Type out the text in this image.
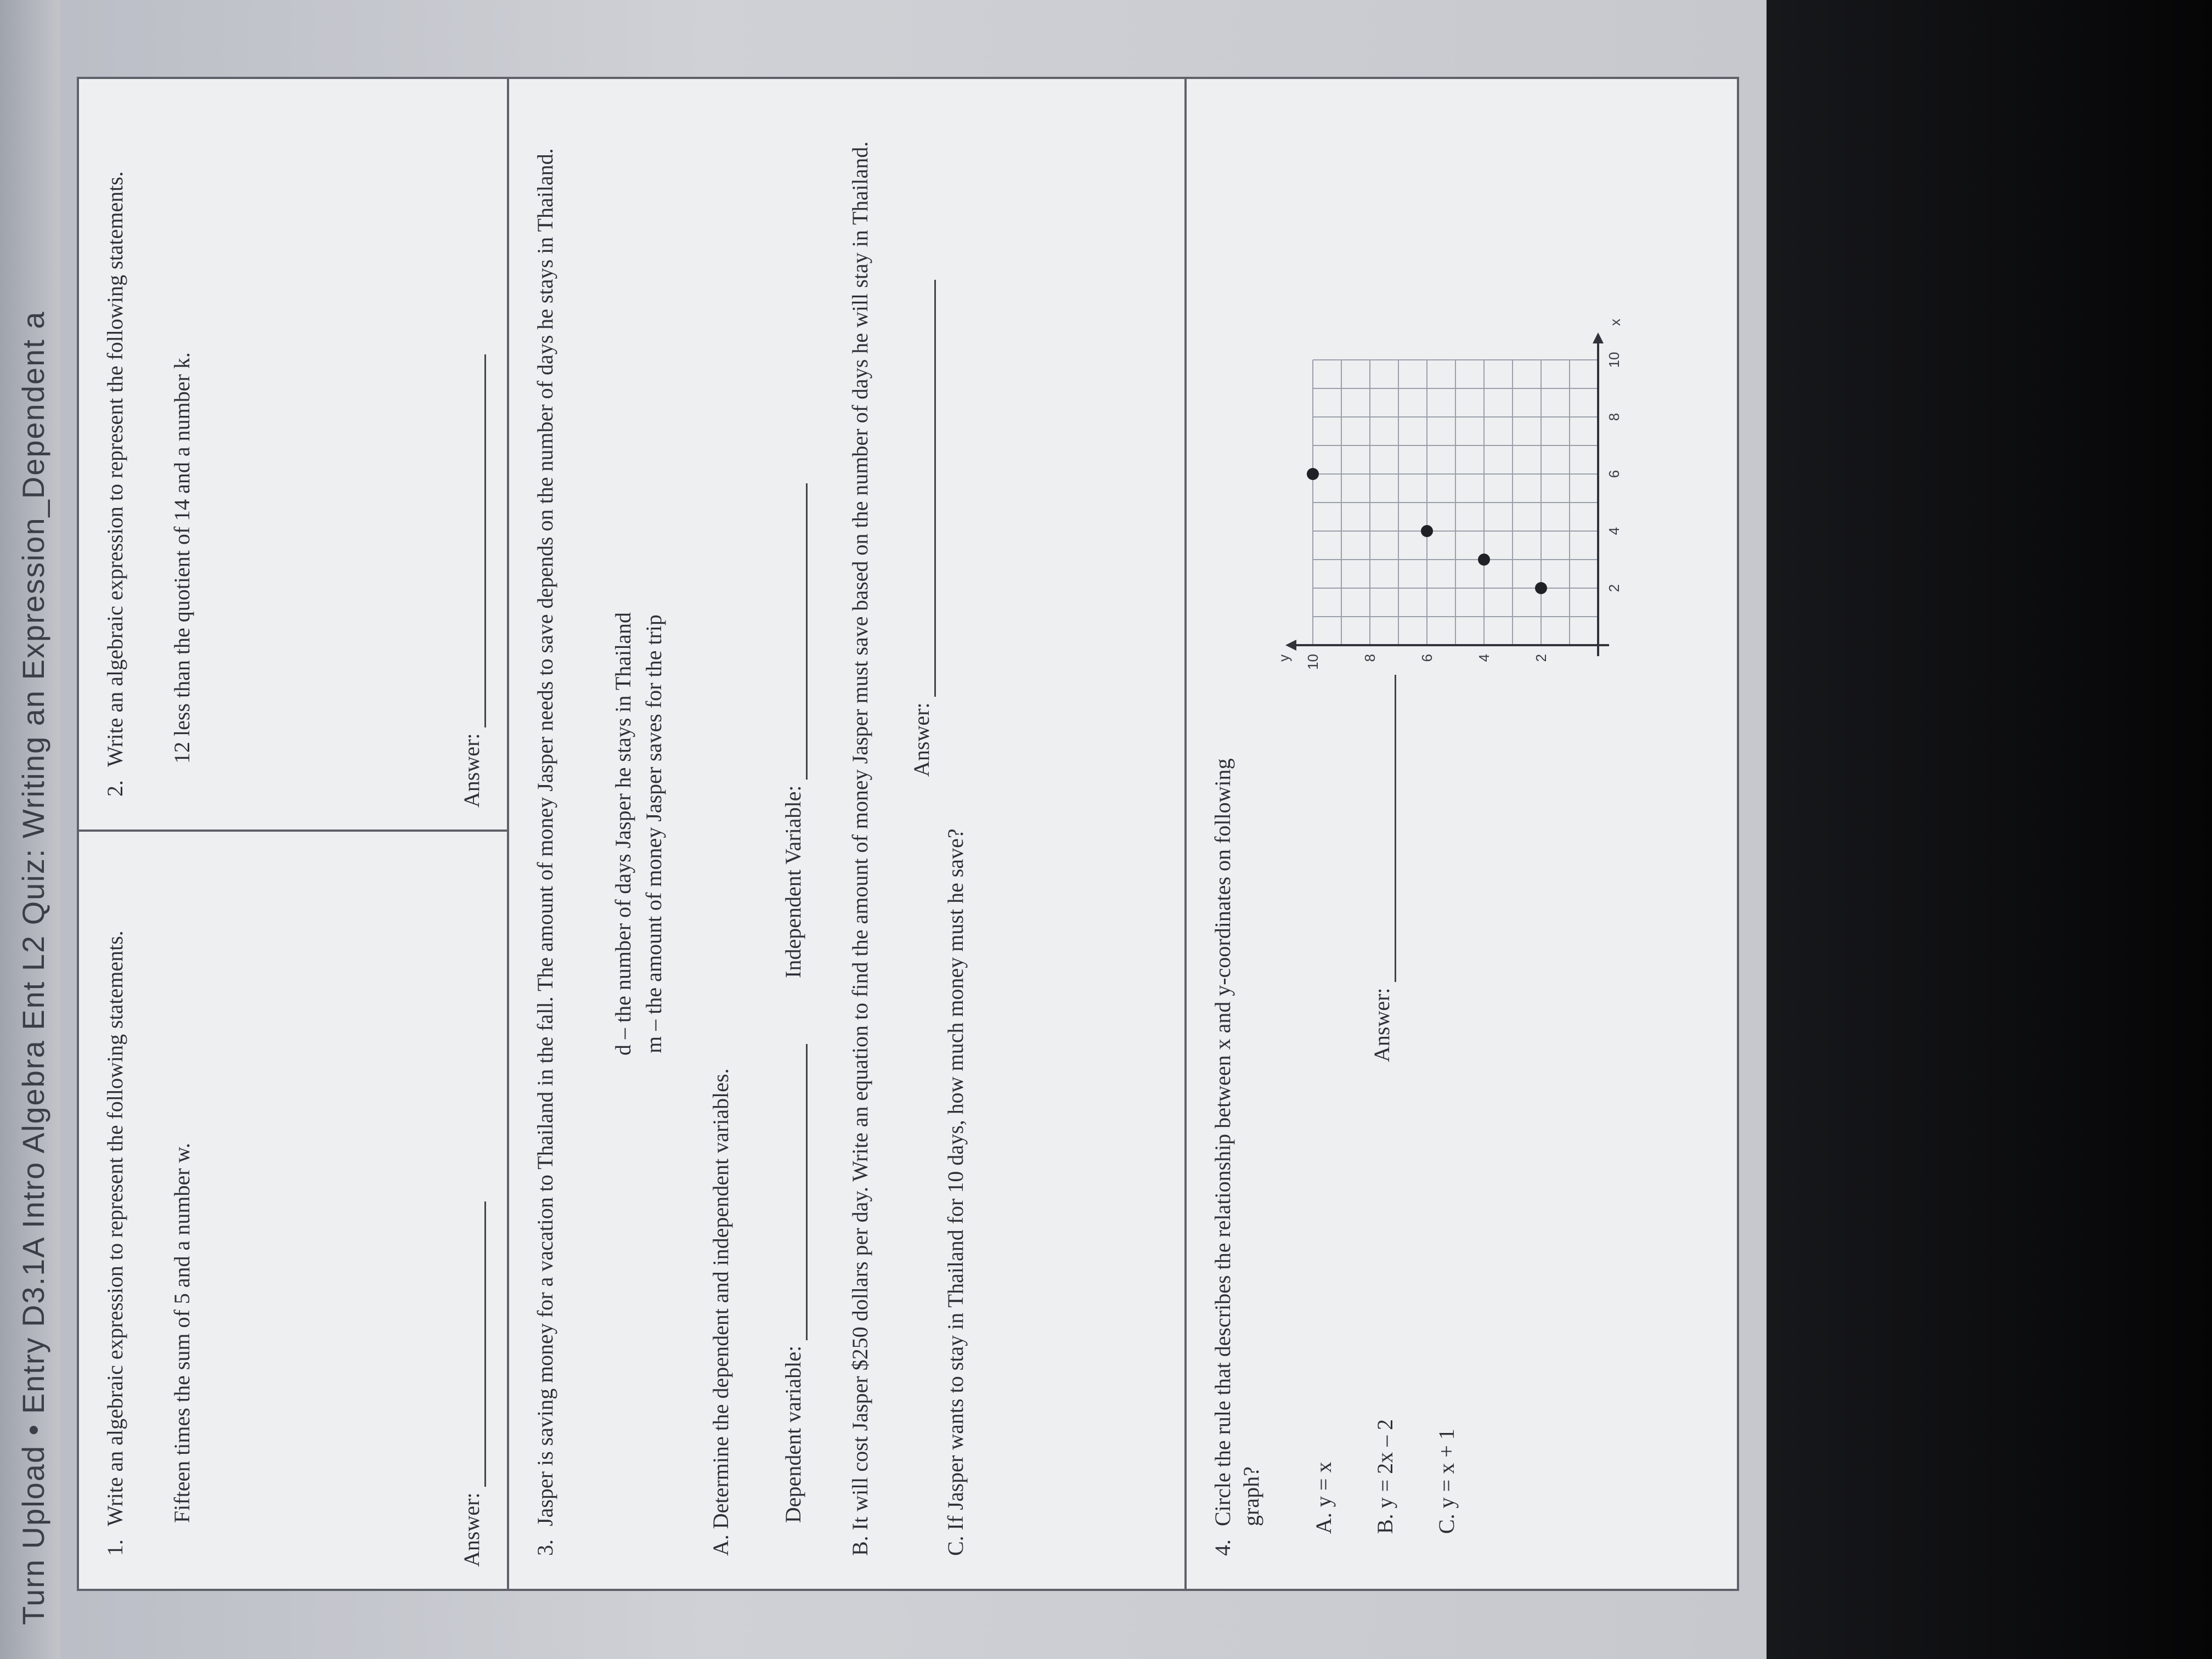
Turn Upload • Entry D3.1A Intro Algebra Ent L2 Quiz: Writing an Expression_Dependent a 1.
Write an algebraic expression to represent the following statements. Fifteen times the sum of 5 and a number w.
Answer:
2.
Write an algebraic expression to represent the following statements. 12 less than the quotient of 14 and a number k.
Answer:
3.
Jasper is saving money for a vacation to Thailand in the fall. The amount of money Jasper needs to save depends on the number of days he stays in Thailand. d – the number of days Jasper he stays in Thailand m – the amount of money Jasper saves for the trip
A. Determine the dependent and independent variables. Dependent variable:
Independent Variable: B. It will cost Jasper $250 dollars per day. Write an equation to find the amount of money Jasper must save based on the number of days he will stay in Thailand. Answer:
C. If Jasper wants to stay in Thailand for 10 days, how much money must he save?	4.
Circle the rule that describes the relationship between x and y-coordinates on following graph? A. y = x B. y = 2x – 2 C. y = x + 1
Answer:
2
4
6
8
10
2
4
6
8
10
x
y
